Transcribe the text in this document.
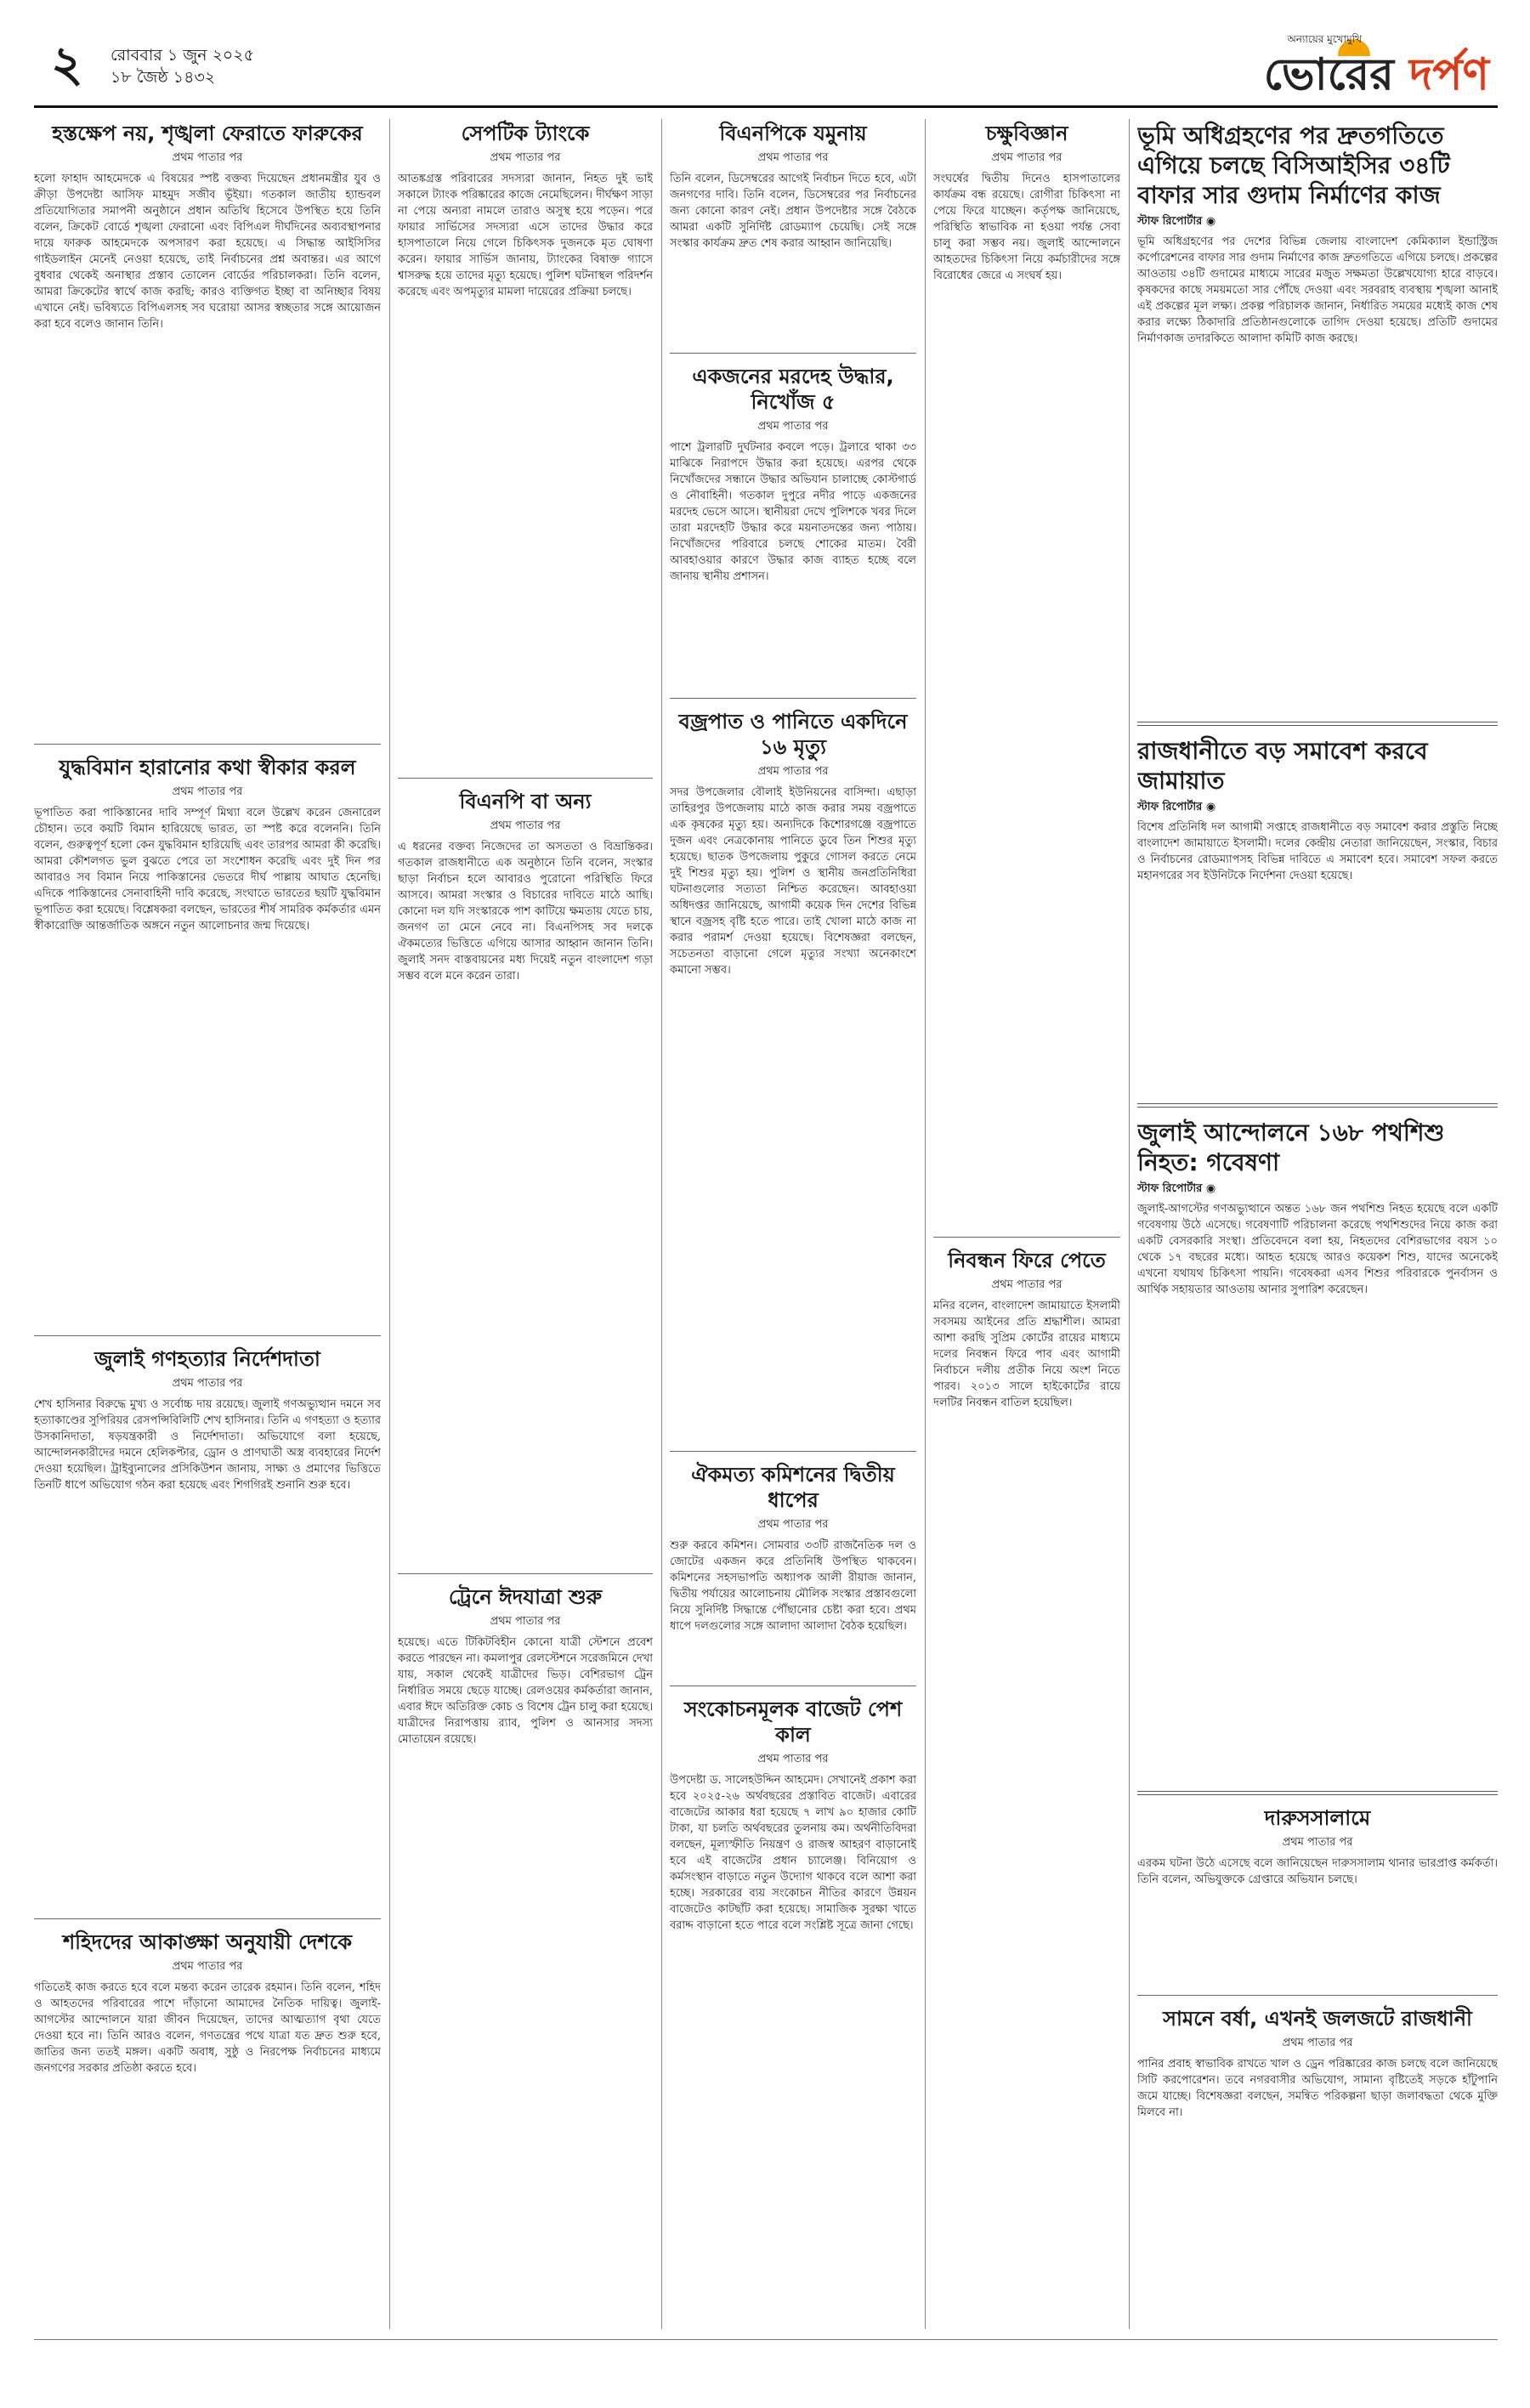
২ রোববার ১ জুন ২০২৫
১৮ জৈষ্ঠ ১৪৩২
অন্যায়ের মুখোমুখি
ভোরের দর্পণ
হস্তক্ষেপ নয়, শৃঙ্খলা ফেরাতে ফারুকের
প্রথম পাতার পর
হলো ফাহাদ আহমেদকে এ বিষয়ের স্পষ্ট বক্তব্য দিয়েছেন প্রধানমন্ত্রীর যুব ও ক্রীড়া উপদেষ্টা আসিফ মাহমুদ সজীব ভূঁইয়া। গতকাল জাতীয় হ্যান্ডবল প্রতিযোগিতার সমাপনী অনুষ্ঠানে প্রধান অতিথি হিসেবে উপস্থিত হয়ে তিনি বলেন, ক্রিকেট বোর্ডে শৃঙ্খলা ফেরানো এবং বিপিএল দীর্ঘদিনের অব্যবস্থাপনার দায়ে ফারুক আহমেদকে অপসারণ করা হয়েছে। এ সিদ্ধান্ত আইসিসির গাইডলাইন মেনেই নেওয়া হয়েছে, তাই নির্বাচনের প্রশ্ন অবান্তর। এর আগে বুধবার থেকেই অনাস্থার প্রস্তাব তোলেন বোর্ডের পরিচালকরা। তিনি বলেন, আমরা ক্রিকেটের স্বার্থে কাজ করছি; কারও ব্যক্তিগত ইচ্ছা বা অনিচ্ছার বিষয় এখানে নেই। ভবিষ্যতে বিপিএলসহ সব ঘরোয়া আসর স্বচ্ছতার সঙ্গে আয়োজন করা হবে বলেও জানান তিনি।
যুদ্ধবিমান হারানোর কথা স্বীকার করল
প্রথম পাতার পর
ভূপাতিত করা পাকিস্তানের দাবি সম্পূর্ণ মিথ্যা বলে উল্লেখ করেন জেনারেল চৌহান। তবে কয়টি বিমান হারিয়েছে ভারত, তা স্পষ্ট করে বলেননি। তিনি বলেন, গুরুত্বপূর্ণ হলো কেন যুদ্ধবিমান হারিয়েছি এবং তারপর আমরা কী করেছি। আমরা কৌশলগত ভুল বুঝতে পেরে তা সংশোধন করেছি এবং দুই দিন পর আবারও সব বিমান নিয়ে পাকিস্তানের ভেতরে দীর্ঘ পাল্লায় আঘাত হেনেছি। এদিকে পাকিস্তানের সেনাবাহিনী দাবি করেছে, সংঘাতে ভারতের ছয়টি যুদ্ধবিমান ভূপাতিত করা হয়েছে। বিশ্লেষকরা বলছেন, ভারতের শীর্ষ সামরিক কর্মকর্তার এমন স্বীকারোক্তি আন্তর্জাতিক অঙ্গনে নতুন আলোচনার জন্ম দিয়েছে।
জুলাই গণহত্যার নির্দেশদাতা
প্রথম পাতার পর
শেখ হাসিনার বিরুদ্ধে মুখ্য ও সর্বোচ্চ দায় রয়েছে। জুলাই গণঅভ্যুত্থান দমনে সব হত্যাকাণ্ডের সুপিরিয়র রেসপন্সিবিলিটি শেখ হাসিনার। তিনি এ গণহত্যা ও হত্যার উসকানিদাতা, ষড়যন্ত্রকারী ও নির্দেশদাতা। অভিযোগে বলা হয়েছে, আন্দোলনকারীদের দমনে হেলিকপ্টার, ড্রোন ও প্রাণঘাতী অস্ত্র ব্যবহারের নির্দেশ দেওয়া হয়েছিল। ট্রাইব্যুনালের প্রসিকিউশন জানায়, সাক্ষ্য ও প্রমাণের ভিত্তিতে তিনটি ধাপে অভিযোগ গঠন করা হয়েছে এবং শিগগিরই শুনানি শুরু হবে।
শহিদদের আকাঙ্ক্ষা অনুযায়ী দেশকে
প্রথম পাতার পর
গতিতেই কাজ করতে হবে বলে মন্তব্য করেন তারেক রহমান। তিনি বলেন, শহিদ ও আহতদের পরিবারের পাশে দাঁড়ানো আমাদের নৈতিক দায়িত্ব। জুলাই-আগস্টের আন্দোলনে যারা জীবন দিয়েছেন, তাদের আত্মত্যাগ বৃথা যেতে দেওয়া হবে না। তিনি আরও বলেন, গণতন্ত্রের পথে যাত্রা যত দ্রুত শুরু হবে, জাতির জন্য ততই মঙ্গল। একটি অবাধ, সুষ্ঠু ও নিরপেক্ষ নির্বাচনের মাধ্যমে জনগণের সরকার প্রতিষ্ঠা করতে হবে।
সেপটিক ট্যাংকে
প্রথম পাতার পর
আতঙ্কগ্রস্ত পরিবারের সদস্যরা জানান, নিহত দুই ভাই সকালে ট্যাংক পরিষ্কারের কাজে নেমেছিলেন। দীর্ঘক্ষণ সাড়া না পেয়ে অন্যরা নামলে তারাও অসুস্থ হয়ে পড়েন। পরে ফায়ার সার্ভিসের সদস্যরা এসে তাদের উদ্ধার করে হাসপাতালে নিয়ে গেলে চিকিৎসক দুজনকে মৃত ঘোষণা করেন। ফায়ার সার্ভিস জানায়, ট্যাংকের বিষাক্ত গ্যাসে শ্বাসরুদ্ধ হয়ে তাদের মৃত্যু হয়েছে। পুলিশ ঘটনাস্থল পরিদর্শন করেছে এবং অপমৃত্যুর মামলা দায়েরের প্রক্রিয়া চলছে।
বিএনপি বা অন্য
প্রথম পাতার পর
এ ধরনের বক্তব্য নিজেদের তা অসততা ও বিভ্রান্তিকর। গতকাল রাজধানীতে এক অনুষ্ঠানে তিনি বলেন, সংস্কার ছাড়া নির্বাচন হলে আবারও পুরোনো পরিস্থিতি ফিরে আসবে। আমরা সংস্কার ও বিচারের দাবিতে মাঠে আছি। কোনো দল যদি সংস্কারকে পাশ কাটিয়ে ক্ষমতায় যেতে চায়, জনগণ তা মেনে নেবে না। বিএনপিসহ সব দলকে ঐকমত্যের ভিত্তিতে এগিয়ে আসার আহ্বান জানান তিনি। জুলাই সনদ বাস্তবায়নের মধ্য দিয়েই নতুন বাংলাদেশ গড়া সম্ভব বলে মনে করেন তারা।
ট্রেনে ঈদযাত্রা শুরু
প্রথম পাতার পর
হয়েছে। এতে টিকিটবিহীন কোনো যাত্রী স্টেশনে প্রবেশ করতে পারছেন না। কমলাপুর রেলস্টেশনে সরেজমিনে দেখা যায়, সকাল থেকেই যাত্রীদের ভিড়। বেশিরভাগ ট্রেন নির্ধারিত সময়ে ছেড়ে যাচ্ছে। রেলওয়ের কর্মকর্তারা জানান, এবার ঈদে অতিরিক্ত কোচ ও বিশেষ ট্রেন চালু করা হয়েছে। যাত্রীদের নিরাপত্তায় র‍্যাব, পুলিশ ও আনসার সদস্য মোতায়েন রয়েছে।
বিএনপিকে যমুনায়
প্রথম পাতার পর
তিনি বলেন, ডিসেম্বরের আগেই নির্বাচন দিতে হবে, এটা জনগণের দাবি। তিনি বলেন, ডিসেম্বরের পর নির্বাচনের জন্য কোনো কারণ নেই। প্রধান উপদেষ্টার সঙ্গে বৈঠকে আমরা একটি সুনির্দিষ্ট রোডম্যাপ চেয়েছি। সেই সঙ্গে সংস্কার কার্যক্রম দ্রুত শেষ করার আহ্বান জানিয়েছি।
একজনের মরদেহ উদ্ধার, নিখোঁজ ৫
প্রথম পাতার পর
পাশে ট্রলারটি দুর্ঘটনার কবলে পড়ে। ট্রলারে থাকা ৩৩ মাঝিকে নিরাপদে উদ্ধার করা হয়েছে। এরপর থেকে নিখোঁজদের সন্ধানে উদ্ধার অভিযান চালাচ্ছে কোস্টগার্ড ও নৌবাহিনী। গতকাল দুপুরে নদীর পাড়ে একজনের মরদেহ ভেসে আসে। স্থানীয়রা দেখে পুলিশকে খবর দিলে তারা মরদেহটি উদ্ধার করে ময়নাতদন্তের জন্য পাঠায়। নিখোঁজদের পরিবারে চলছে শোকের মাতম। বৈরী আবহাওয়ার কারণে উদ্ধার কাজ ব্যাহত হচ্ছে বলে জানায় স্থানীয় প্রশাসন।
বজ্রপাত ও পানিতে একদিনে ১৬ মৃত্যু
প্রথম পাতার পর
সদর উপজেলার বৌলাই ইউনিয়নের বাসিন্দা। এছাড়া তাহিরপুর উপজেলায় মাঠে কাজ করার সময় বজ্রপাতে এক কৃষকের মৃত্যু হয়। অন্যদিকে কিশোরগঞ্জে বজ্রপাতে দুজন এবং নেত্রকোনায় পানিতে ডুবে তিন শিশুর মৃত্যু হয়েছে। ছাতক উপজেলায় পুকুরে গোসল করতে নেমে দুই শিশুর মৃত্যু হয়। পুলিশ ও স্থানীয় জনপ্রতিনিধিরা ঘটনাগুলোর সত্যতা নিশ্চিত করেছেন। আবহাওয়া অধিদপ্তর জানিয়েছে, আগামী কয়েক দিন দেশের বিভিন্ন স্থানে বজ্রসহ বৃষ্টি হতে পারে। তাই খোলা মাঠে কাজ না করার পরামর্শ দেওয়া হয়েছে। বিশেষজ্ঞরা বলছেন, সচেতনতা বাড়ানো গেলে মৃত্যুর সংখ্যা অনেকাংশে কমানো সম্ভব।
ঐকমত্য কমিশনের দ্বিতীয় ধাপের
প্রথম পাতার পর
শুরু করবে কমিশন। সোমবার ৩৩টি রাজনৈতিক দল ও জোটের একজন করে প্রতিনিধি উপস্থিত থাকবেন। কমিশনের সহসভাপতি অধ্যাপক আলী রীয়াজ জানান, দ্বিতীয় পর্যায়ের আলোচনায় মৌলিক সংস্কার প্রস্তাবগুলো নিয়ে সুনির্দিষ্ট সিদ্ধান্তে পৌঁছানোর চেষ্টা করা হবে। প্রথম ধাপে দলগুলোর সঙ্গে আলাদা আলাদা বৈঠক হয়েছিল।
সংকোচনমূলক বাজেট পেশ কাল
প্রথম পাতার পর
উপদেষ্টা ড. সালেহউদ্দিন আহমেদ। সেখানেই প্রকাশ করা হবে ২০২৫-২৬ অর্থবছরের প্রস্তাবিত বাজেট। এবারের বাজেটের আকার ধরা হয়েছে ৭ লাখ ৯০ হাজার কোটি টাকা, যা চলতি অর্থবছরের তুলনায় কম। অর্থনীতিবিদরা বলছেন, মূল্যস্ফীতি নিয়ন্ত্রণ ও রাজস্ব আহরণ বাড়ানোই হবে এই বাজেটের প্রধান চ্যালেঞ্জ। বিনিয়োগ ও কর্মসংস্থান বাড়াতে নতুন উদ্যোগ থাকবে বলে আশা করা হচ্ছে। সরকারের ব্যয় সংকোচন নীতির কারণে উন্নয়ন বাজেটেও কাটছাঁট করা হয়েছে। সামাজিক সুরক্ষা খাতে বরাদ্দ বাড়ানো হতে পারে বলে সংশ্লিষ্ট সূত্রে জানা গেছে।
চক্ষুবিজ্ঞান
প্রথম পাতার পর
সংঘর্ষের দ্বিতীয় দিনেও হাসপাতালের কার্যক্রম বন্ধ রয়েছে। রোগীরা চিকিৎসা না পেয়ে ফিরে যাচ্ছেন। কর্তৃপক্ষ জানিয়েছে, পরিস্থিতি স্বাভাবিক না হওয়া পর্যন্ত সেবা চালু করা সম্ভব নয়। জুলাই আন্দোলনে আহতদের চিকিৎসা নিয়ে কর্মচারীদের সঙ্গে বিরোধের জেরে এ সংঘর্ষ হয়।
নিবন্ধন ফিরে পেতে
প্রথম পাতার পর
মনির বলেন, বাংলাদেশ জামায়াতে ইসলামী সবসময় আইনের প্রতি শ্রদ্ধাশীল। আমরা আশা করছি সুপ্রিম কোর্টের রায়ের মাধ্যমে দলের নিবন্ধন ফিরে পাব এবং আগামী নির্বাচনে দলীয় প্রতীক নিয়ে অংশ নিতে পারব। ২০১৩ সালে হাইকোর্টের রায়ে দলটির নিবন্ধন বাতিল হয়েছিল।
ভূমি অধিগ্রহণের পর দ্রুতগতিতে এগিয়ে চলছে বিসিআইসির ৩৪টি বাফার সার গুদাম নির্মাণের কাজ
স্টাফ রিপোর্টার ◉
ভূমি অধিগ্রহণের পর দেশের বিভিন্ন জেলায় বাংলাদেশ কেমিক্যাল ইন্ডাস্ট্রিজ কর্পোরেশনের বাফার সার গুদাম নির্মাণের কাজ দ্রুতগতিতে এগিয়ে চলছে। প্রকল্পের আওতায় ৩৪টি গুদামের মাধ্যমে সারের মজুত সক্ষমতা উল্লেখযোগ্য হারে বাড়বে। কৃষকদের কাছে সময়মতো সার পৌঁছে দেওয়া এবং সরবরাহ ব্যবস্থায় শৃঙ্খলা আনাই এই প্রকল্পের মূল লক্ষ্য। প্রকল্প পরিচালক জানান, নির্ধারিত সময়ের মধ্যেই কাজ শেষ করার লক্ষ্যে ঠিকাদারি প্রতিষ্ঠানগুলোকে তাগিদ দেওয়া হয়েছে। প্রতিটি গুদামের নির্মাণকাজ তদারকিতে আলাদা কমিটি কাজ করছে।
রাজধানীতে বড় সমাবেশ করবে জামায়াত
স্টাফ রিপোর্টার ◉
বিশেষ প্রতিনিধি দল আগামী সপ্তাহে রাজধানীতে বড় সমাবেশ করার প্রস্তুতি নিচ্ছে বাংলাদেশ জামায়াতে ইসলামী। দলের কেন্দ্রীয় নেতারা জানিয়েছেন, সংস্কার, বিচার ও নির্বাচনের রোডম্যাপসহ বিভিন্ন দাবিতে এ সমাবেশ হবে। সমাবেশ সফল করতে মহানগরের সব ইউনিটকে নির্দেশনা দেওয়া হয়েছে।
জুলাই আন্দোলনে ১৬৮ পথশিশু নিহত: গবেষণা
স্টাফ রিপোর্টার ◉
জুলাই-আগস্টের গণঅভ্যুত্থানে অন্তত ১৬৮ জন পথশিশু নিহত হয়েছে বলে একটি গবেষণায় উঠে এসেছে। গবেষণাটি পরিচালনা করেছে পথশিশুদের নিয়ে কাজ করা একটি বেসরকারি সংস্থা। প্রতিবেদনে বলা হয়, নিহতদের বেশিরভাগের বয়স ১০ থেকে ১৭ বছরের মধ্যে। আহত হয়েছে আরও কয়েকশ শিশু, যাদের অনেকেই এখনো যথাযথ চিকিৎসা পায়নি। গবেষকরা এসব শিশুর পরিবারকে পুনর্বাসন ও আর্থিক সহায়তার আওতায় আনার সুপারিশ করেছেন।
দারুসসালামে
প্রথম পাতার পর
এরকম ঘটনা উঠে এসেছে বলে জানিয়েছেন দারুসসালাম থানার ভারপ্রাপ্ত কর্মকর্তা। তিনি বলেন, অভিযুক্তকে গ্রেপ্তারে অভিযান চলছে।
সামনে বর্ষা, এখনই জলজটে রাজধানী
প্রথম পাতার পর
পানির প্রবাহ স্বাভাবিক রাখতে খাল ও ড্রেন পরিষ্কারের কাজ চলছে বলে জানিয়েছে সিটি করপোরেশন। তবে নগরবাসীর অভিযোগ, সামান্য বৃষ্টিতেই সড়কে হাঁটুপানি জমে যাচ্ছে। বিশেষজ্ঞরা বলছেন, সমন্বিত পরিকল্পনা ছাড়া জলাবদ্ধতা থেকে মুক্তি মিলবে না।
